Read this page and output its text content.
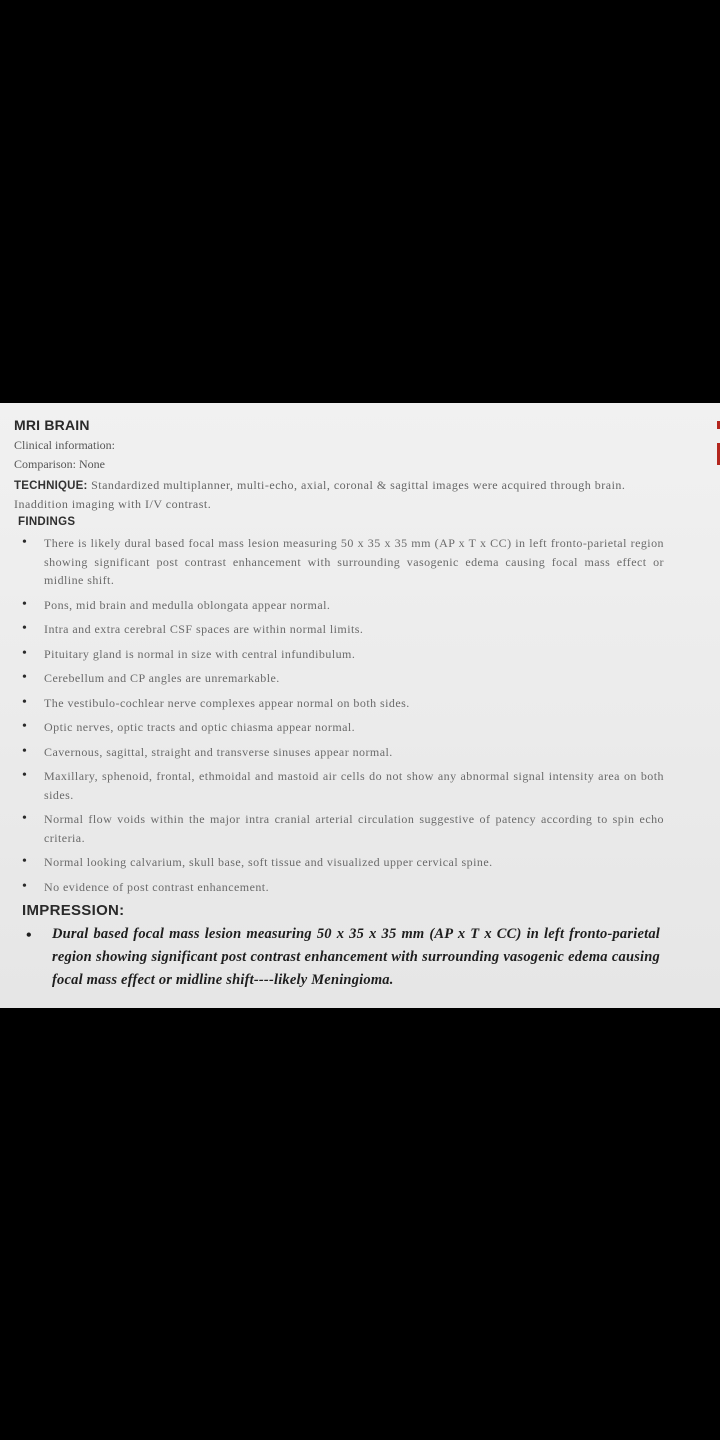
MRI BRAIN
Clinical information:
Comparison: None
TECHNIQUE: Standardized multiplanner, multi-echo, axial, coronal & sagittal images were acquired through brain. Inaddition imaging with I/V contrast.
FINDINGS
• There is likely dural based focal mass lesion measuring 50 x 35 x 35 mm (AP x T x CC) in left fronto-parietal region showing significant post contrast enhancement with surrounding vasogenic edema causing focal mass effect or midline shift.
• Pons, mid brain and medulla oblongata appear normal.
• Intra and extra cerebral CSF spaces are within normal limits.
• Pituitary gland is normal in size with central infundibulum.
• Cerebellum and CP angles are unremarkable.
• The vestibulo-cochlear nerve complexes appear normal on both sides.
• Optic nerves, optic tracts and optic chiasma appear normal.
• Cavernous, sagittal, straight and transverse sinuses appear normal.
• Maxillary, sphenoid, frontal, ethmoidal and mastoid air cells do not show any abnormal signal intensity area on both sides.
• Normal flow voids within the major intra cranial arterial circulation suggestive of patency according to spin echo criteria.
• Normal looking calvarium, skull base, soft tissue and visualized upper cervical spine.
• No evidence of post contrast enhancement.
IMPRESSION:
• Dural based focal mass lesion measuring 50 x 35 x 35 mm (AP x T x CC) in left fronto-parietal region showing significant post contrast enhancement with surrounding vasogenic edema causing focal mass effect or midline shift----likely Meningioma.
